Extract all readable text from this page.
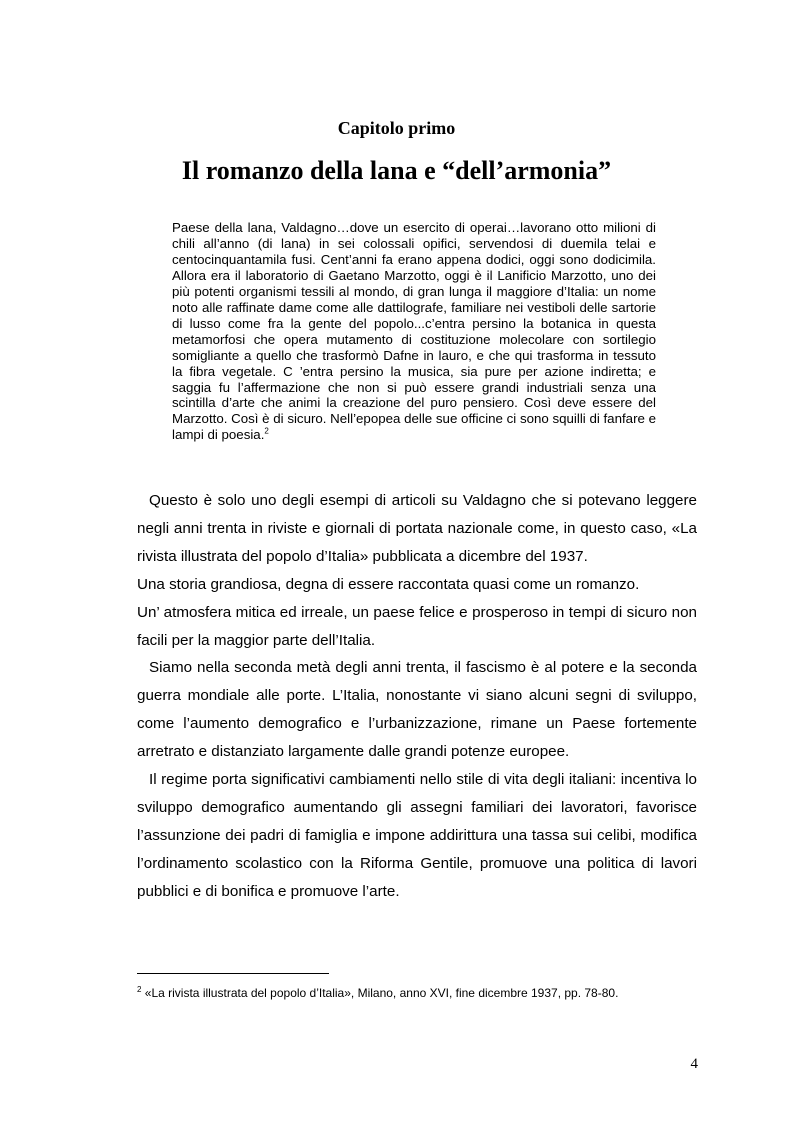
Capitolo primo
Il romanzo della lana e “dell’armonia”
Paese della lana, Valdagno…dove un esercito di operai…lavorano otto milioni di chili all’anno (di lana) in sei colossali opifici, servendosi di duemila telai e centocinquantamila fusi. Cent’anni fa erano appena dodici, oggi sono dodicimila. Allora era il laboratorio di Gaetano Marzotto, oggi è il Lanificio Marzotto, uno dei più potenti organismi tessili al mondo, di gran lunga il maggiore d’Italia: un nome noto alle raffinate dame come alle dattilografe, familiare nei vestiboli delle sartorie di lusso come fra la gente del popolo...c’entra persino la botanica in questa metamorfosi che opera mutamento di costituzione molecolare con sortilegio somigliante a quello che trasformò Dafne in lauro, e che qui trasforma in tessuto la fibra vegetale. C ’entra persino la musica, sia pure per azione indiretta; e saggia fu l’affermazione che non si può essere grandi industriali senza una scintilla d’arte che animi la creazione del puro pensiero. Così deve essere del Marzotto. Così è di sicuro. Nell’epopea delle sue officine ci sono squilli di fanfare e lampi di poesia.$^2$

Questo è solo uno degli esempi di articoli su Valdagno che si potevano leggere negli anni trenta in riviste e giornali di portata nazionale come, in questo caso, «La rivista illustrata del popolo d’Italia» pubblicata a dicembre del 1937.

Una storia grandiosa, degna di essere raccontata quasi come un romanzo.

Un’ atmosfera mitica ed irreale, un paese felice e prosperoso in tempi di sicuro non facili per la maggior parte dell’Italia.

Siamo nella seconda metà degli anni trenta, il fascismo è al potere e la seconda guerra mondiale alle porte. L’Italia, nonostante vi siano alcuni segni di sviluppo, come l’aumento demografico e l’urbanizzazione, rimane un Paese fortemente arretrato e distanziato largamente dalle grandi potenze europee.

Il regime porta significativi cambiamenti nello stile di vita degli italiani: incentiva lo sviluppo demografico aumentando gli assegni familiari dei lavoratori, favorisce l’assunzione dei padri di famiglia e impone addirittura una tassa sui celibi, modifica l’ordinamento scolastico con la Riforma Gentile, promuove una politica di lavori pubblici e di bonifica e promuove l’arte.

$^2$ «La rivista illustrata del popolo d’Italia», Milano, anno XVI, fine dicembre 1937, pp. 78-80.
4
